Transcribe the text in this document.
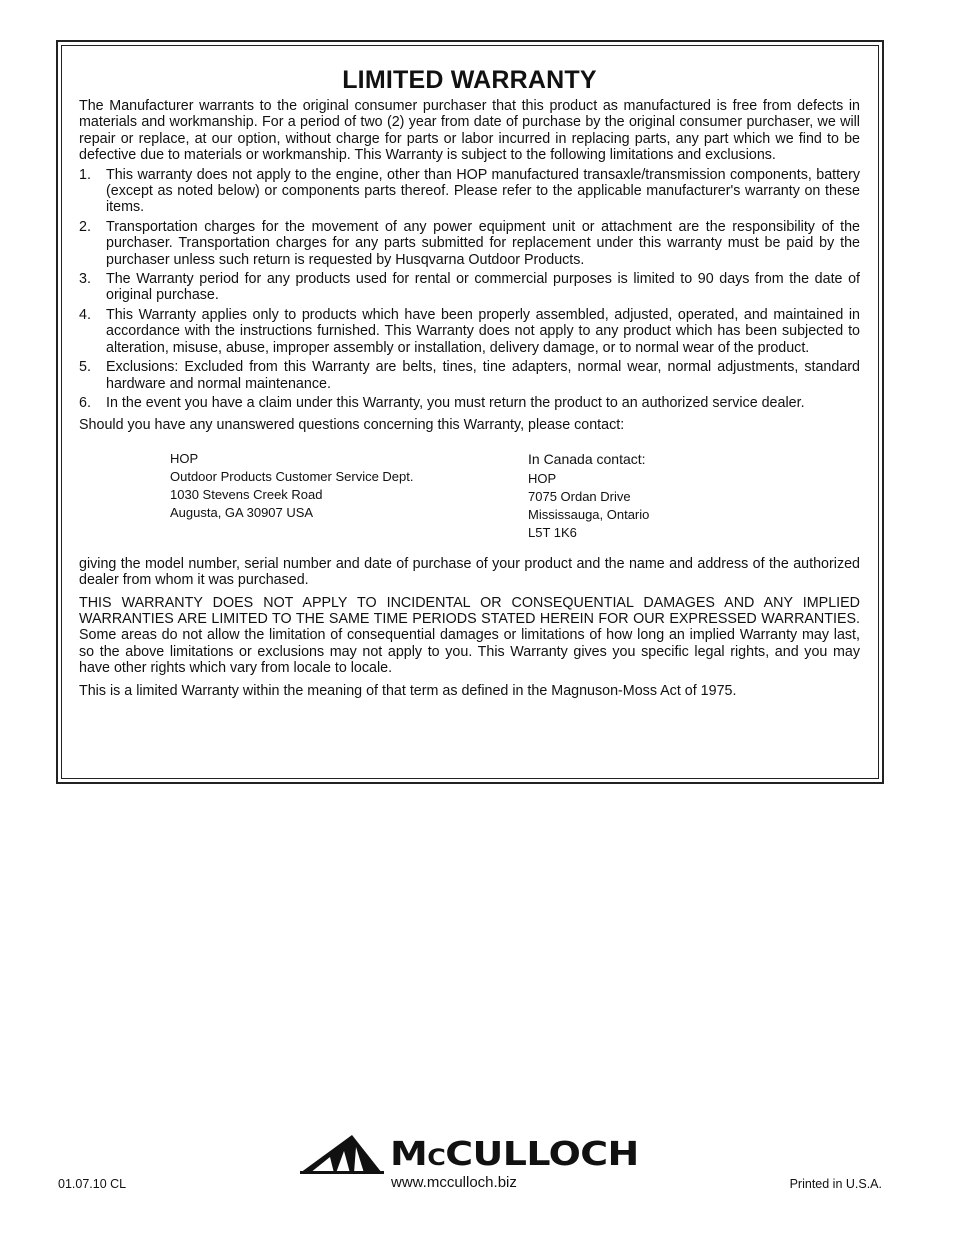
LIMITED WARRANTY

The Manufacturer warrants to the original consumer purchaser that this product as manufactured is free from defects in materials and workmanship. For a period of two (2) year from date of purchase by the original consumer purchaser, we will repair or replace, at our option, without charge for parts or labor incurred in replacing parts, any part which we find to be defective due to materials or workmanship. This Warranty is subject to the following limitations and exclusions.

1. This warranty does not apply to the engine, other than HOP manufactured transaxle/transmission components, battery (except as noted below) or components parts thereof. Please refer to the applicable manufacturer's warranty on these items.
2. Transportation charges for the movement of any power equipment unit or attachment are the responsibility of the purchaser. Transportation charges for any parts submitted for replacement under this warranty must be paid by the purchaser unless such return is requested by Husqvarna Outdoor Products.
3. The Warranty period for any products used for rental or commercial purposes is limited to 90 days from the date of original purchase.
4. This Warranty applies only to products which have been properly assembled, adjusted, operated, and maintained in accordance with the instructions furnished. This Warranty does not apply to any product which has been subjected to alteration, misuse, abuse, improper assembly or installation, delivery damage, or to normal wear of the product.
5. Exclusions: Excluded from this Warranty are belts, tines, tine adapters, normal wear, normal adjustments, standard hardware and normal maintenance.
6. In the event you have a claim under this Warranty, you must return the product to an authorized service dealer.

Should you have any unanswered questions concerning this Warranty, please contact:

HOP
Outdoor Products Customer Service Dept.
1030 Stevens Creek Road
Augusta, GA 30907 USA
In Canada contact:
HOP
7075 Ordan Drive
Mississauga, Ontario
L5T 1K6

giving the model number, serial number and date of purchase of your product and the name and address of the authorized dealer from whom it was purchased.

THIS WARRANTY DOES NOT APPLY TO INCIDENTAL OR CONSEQUENTIAL DAMAGES AND ANY IMPLIED WARRANTIES ARE LIMITED TO THE SAME TIME PERIODS STATED HEREIN FOR OUR EXPRESSED WARRANTIES. Some areas do not allow the limitation of consequential damages or limitations of how long an implied Warranty may last, so the above limitations or exclusions may not apply to you. This Warranty gives you specific legal rights, and you may have other rights which vary from locale to locale.

This is a limited Warranty within the meaning of that term as defined in the Magnuson-Moss Act of 1975.

01.07.10 CL
MCCULLOCH
www.mcculloch.biz	Printed in U.S.A.
